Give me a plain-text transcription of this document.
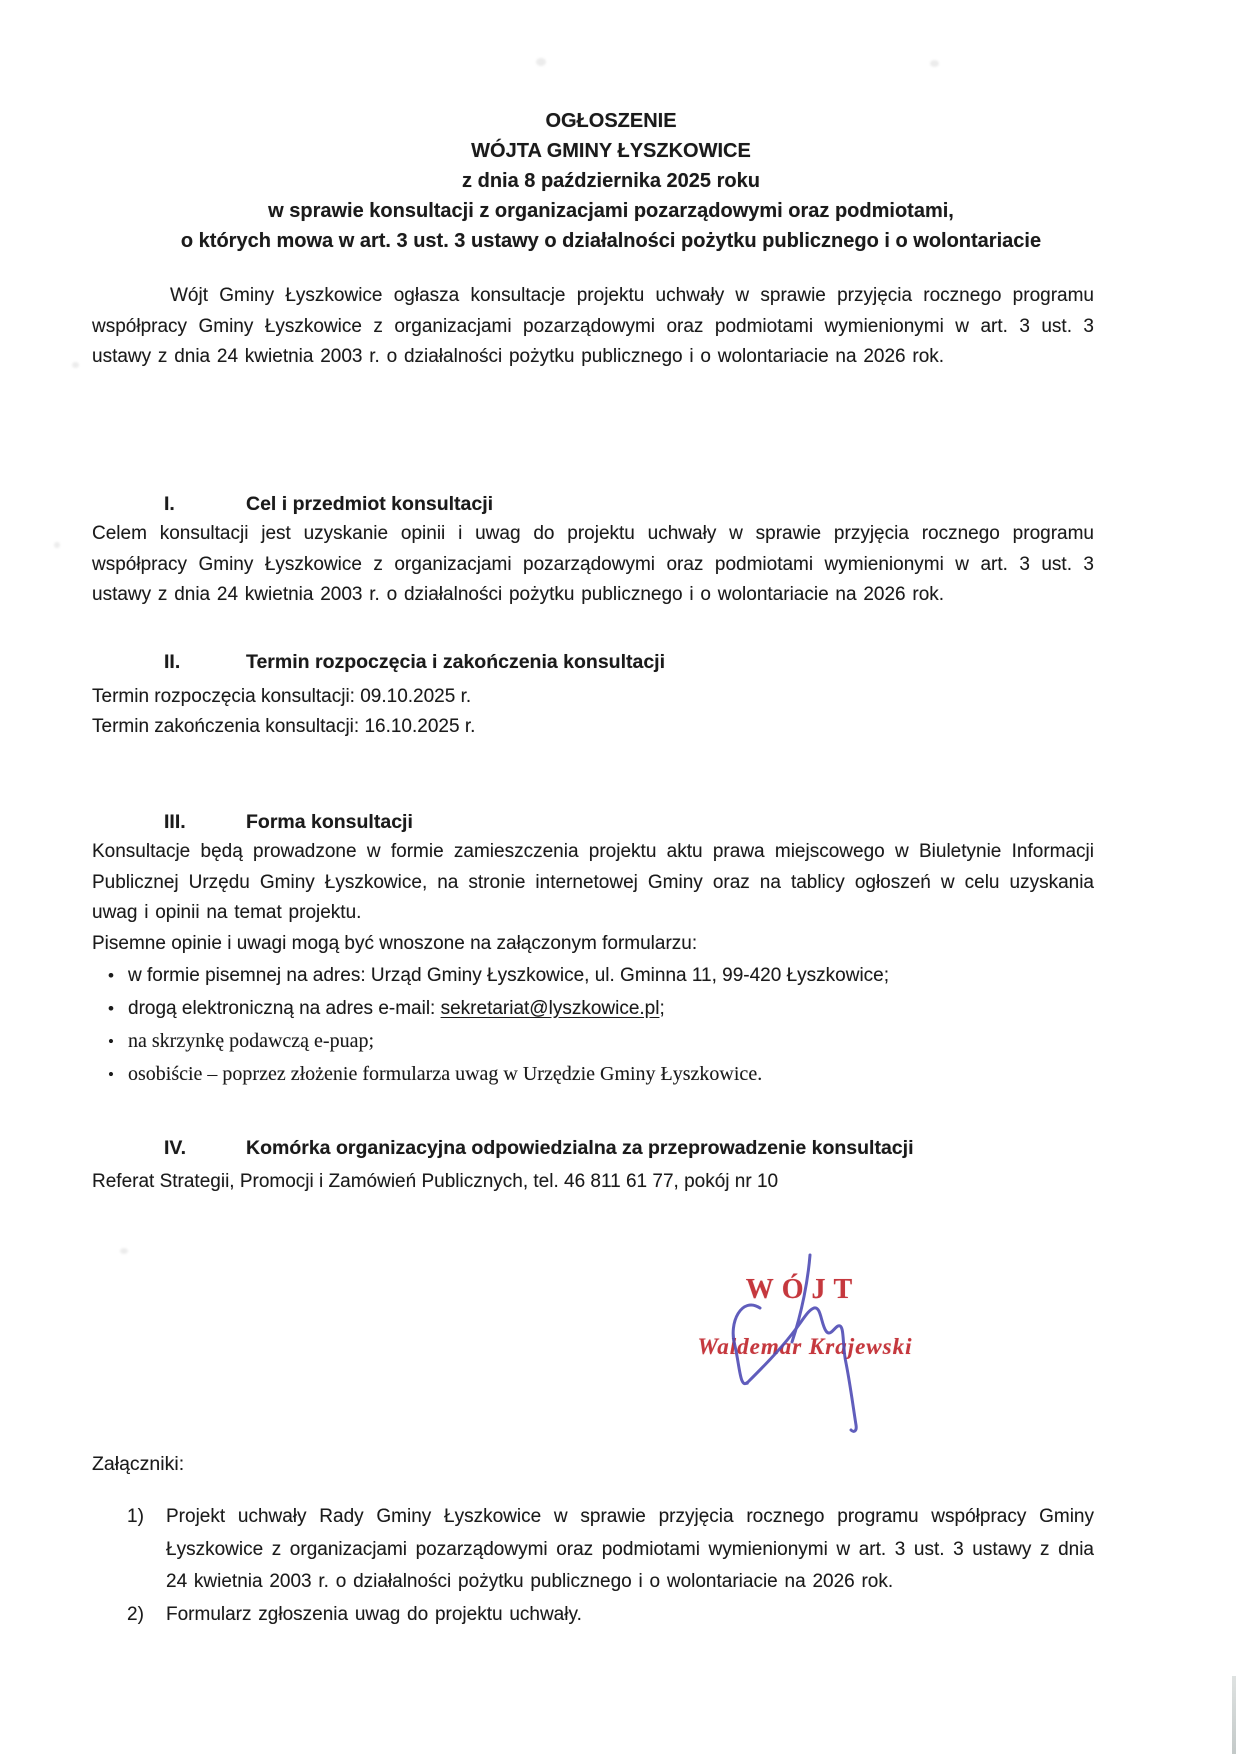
OGŁOSZENIE
WÓJTA GMINY ŁYSZKOWICE
z dnia 8 października 2025 roku
w sprawie konsultacji z organizacjami pozarządowymi oraz podmiotami,
o których mowa w art. 3 ust. 3 ustawy o działalności pożytku publicznego i o wolontariacie

Wójt Gminy Łyszkowice ogłasza konsultacje projektu uchwały w sprawie przyjęcia rocznego programu współpracy Gminy Łyszkowice z organizacjami pozarządowymi oraz podmiotami wymienionymi w art. 3 ust. 3 ustawy z dnia 24 kwietnia 2003 r. o działalności pożytku publicznego i o wolontariacie na 2026 rok.

I.	Cel i przedmiot konsultacji

Celem konsultacji jest uzyskanie opinii i uwag do projektu uchwały w sprawie przyjęcia rocznego programu współpracy Gminy Łyszkowice z organizacjami pozarządowymi oraz podmiotami wymienionymi w art. 3 ust. 3 ustawy z dnia 24 kwietnia 2003 r. o działalności pożytku publicznego i o wolontariacie na 2026 rok.

II.	Termin rozpoczęcia i zakończenia konsultacji
Termin rozpoczęcia konsultacji: 09.10.2025 r.
Termin zakończenia konsultacji: 16.10.2025 r.
III.	Forma konsultacji

Konsultacje będą prowadzone w formie zamieszczenia projektu aktu prawa miejscowego w Biuletynie Informacji Publicznej Urzędu Gminy Łyszkowice, na stronie internetowej Gminy oraz na tablicy ogłoszeń w celu uzyskania uwag i opinii na temat projektu.

Pisemne opinie i uwagi mogą być wnoszone na załączonym formularzu:
• w formie pisemnej na adres: Urząd Gminy Łyszkowice, ul. Gminna 11, 99-420 Łyszkowice;
• drogą elektroniczną na adres e-mail: sekretariat@lyszkowice.pl;
• na skrzynkę podawczą e-puap;
• osobiście – poprzez złożenie formularza uwag w Urzędzie Gminy Łyszkowice.
IV.	Komórka organizacyjna odpowiedzialna za przeprowadzenie konsultacji
Referat Strategii, Promocji i Zamówień Publicznych, tel. 46 811 61 77, pokój nr 10
WÓJT
Waldemar Krajewski
Załączniki:
1)	Projekt uchwały Rady Gminy Łyszkowice w sprawie przyjęcia rocznego programu współpracy Gminy Łyszkowice z organizacjami pozarządowymi oraz podmiotami wymienionymi w art. 3 ust. 3 ustawy z dnia 24 kwietnia 2003 r. o działalności pożytku publicznego i o wolontariacie na 2026 rok.
2)	Formularz zgłoszenia uwag do projektu uchwały.
